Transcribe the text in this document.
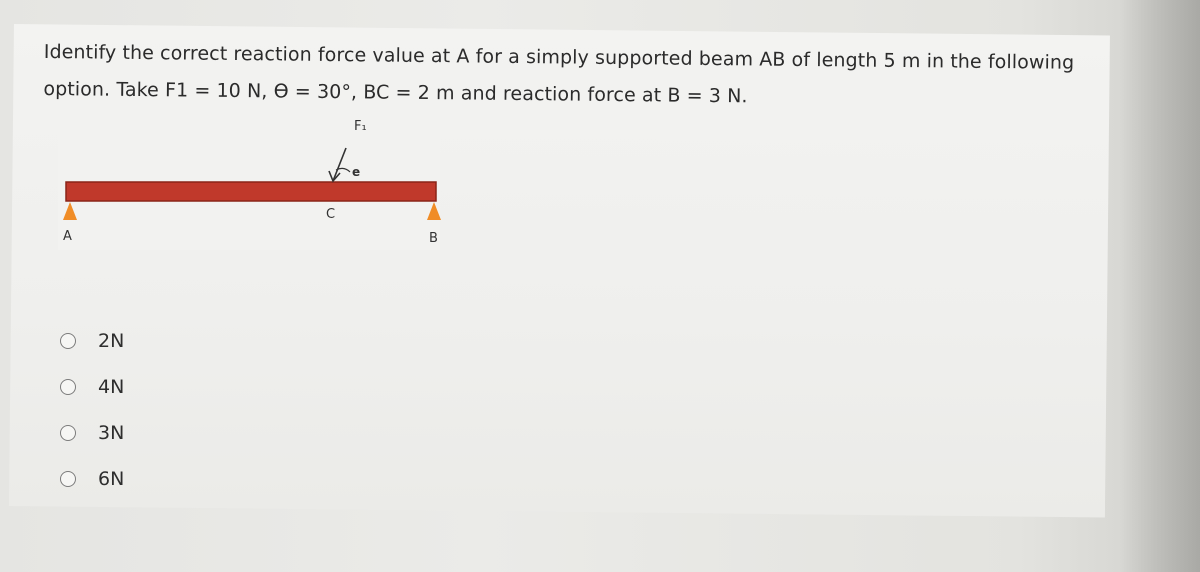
Identify the correct reaction force value at A for a simply supported beam AB of length 5 m in the following
option. Take F1 = 10 N, ϴ = 30°, BC = 2 m and reaction force at B = 3 N.
F₁
e
C
A	B
2N
4N
3N
6N
